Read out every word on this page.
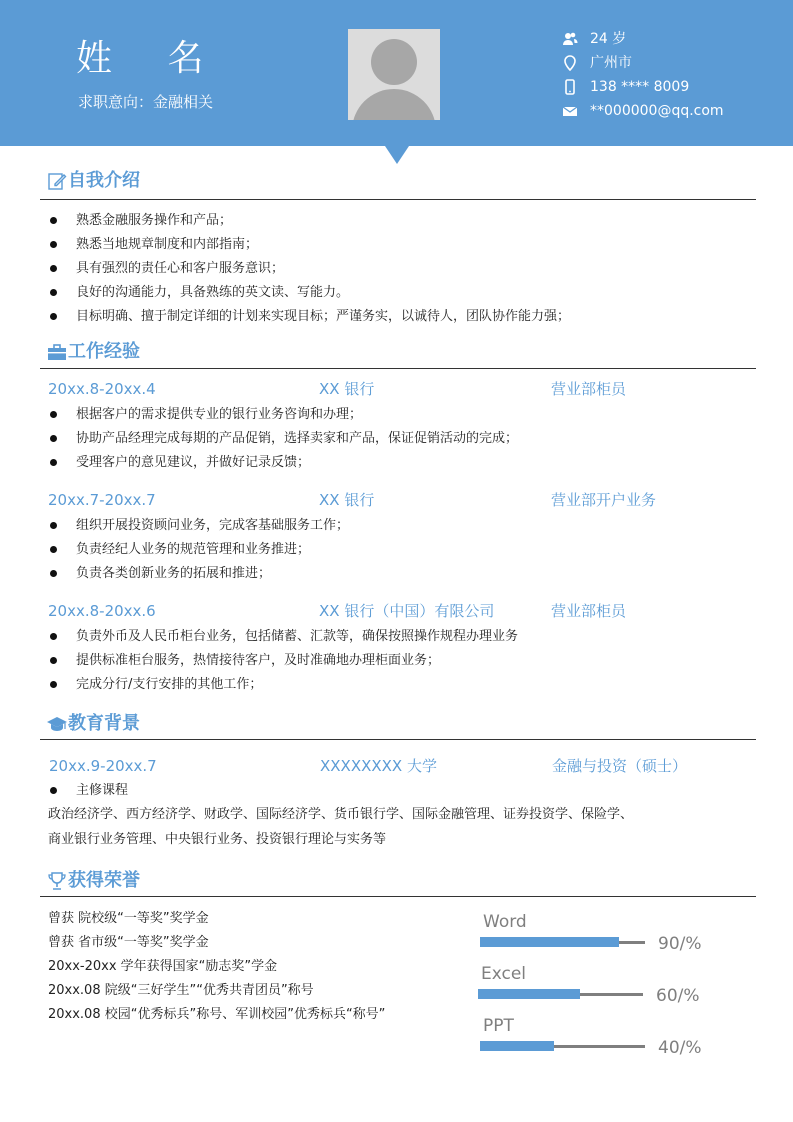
姓 名
求职意向：金融相关
24 岁
广州市
138 **** 8009
**000000@qq.com
自我介绍
熟悉金融服务操作和产品；
熟悉当地规章制度和内部指南；
具有强烈的责任心和客户服务意识；
良好的沟通能力，具备熟练的英文读、写能力。
目标明确、擅于制定详细的计划来实现目标；严谨务实，以诚待人，团队协作能力强；
工作经验
20xx.8-20xx.4	XX 银行	营业部柜员
根据客户的需求提供专业的银行业务咨询和办理；
协助产品经理完成每期的产品促销，选择卖家和产品，保证促销活动的完成；
受理客户的意见建议，并做好记录反馈；
20xx.7-20xx.7	XX 银行	营业部开户业务
组织开展投资顾问业务，完成客基础服务工作；
负责经纪人业务的规范管理和业务推进；
负责各类创新业务的拓展和推进；
20xx.8-20xx.6	XX 银行（中国）有限公司	营业部柜员
负责外币及人民币柜台业务，包括储蓄、汇款等，确保按照操作规程办理业务
提供标准柜台服务，热情接待客户，及时准确地办理柜面业务；
完成分行/支行安排的其他工作；
教育背景
20xx.9-20xx.7	XXXXXXXX 大学	金融与投资（硕士）
主修课程
政治经济学、西方经济学、财政学、国际经济学、货币银行学、国际金融管理、证券投资学、保险学、
商业银行业务管理、中央银行业务、投资银行理论与实务等
获得荣誉
曾获 院校级“一等奖”奖学金
曾获 省市级“一等奖”奖学金
20xx-20xx 学年获得国家“励志奖”学金
20xx.08 院级“三好学生”“优秀共青团员”称号
20xx.08 校园“优秀标兵”称号、军训校园”优秀标兵“称号”
Word
90/%
Excel
60/%
PPT
40/%
